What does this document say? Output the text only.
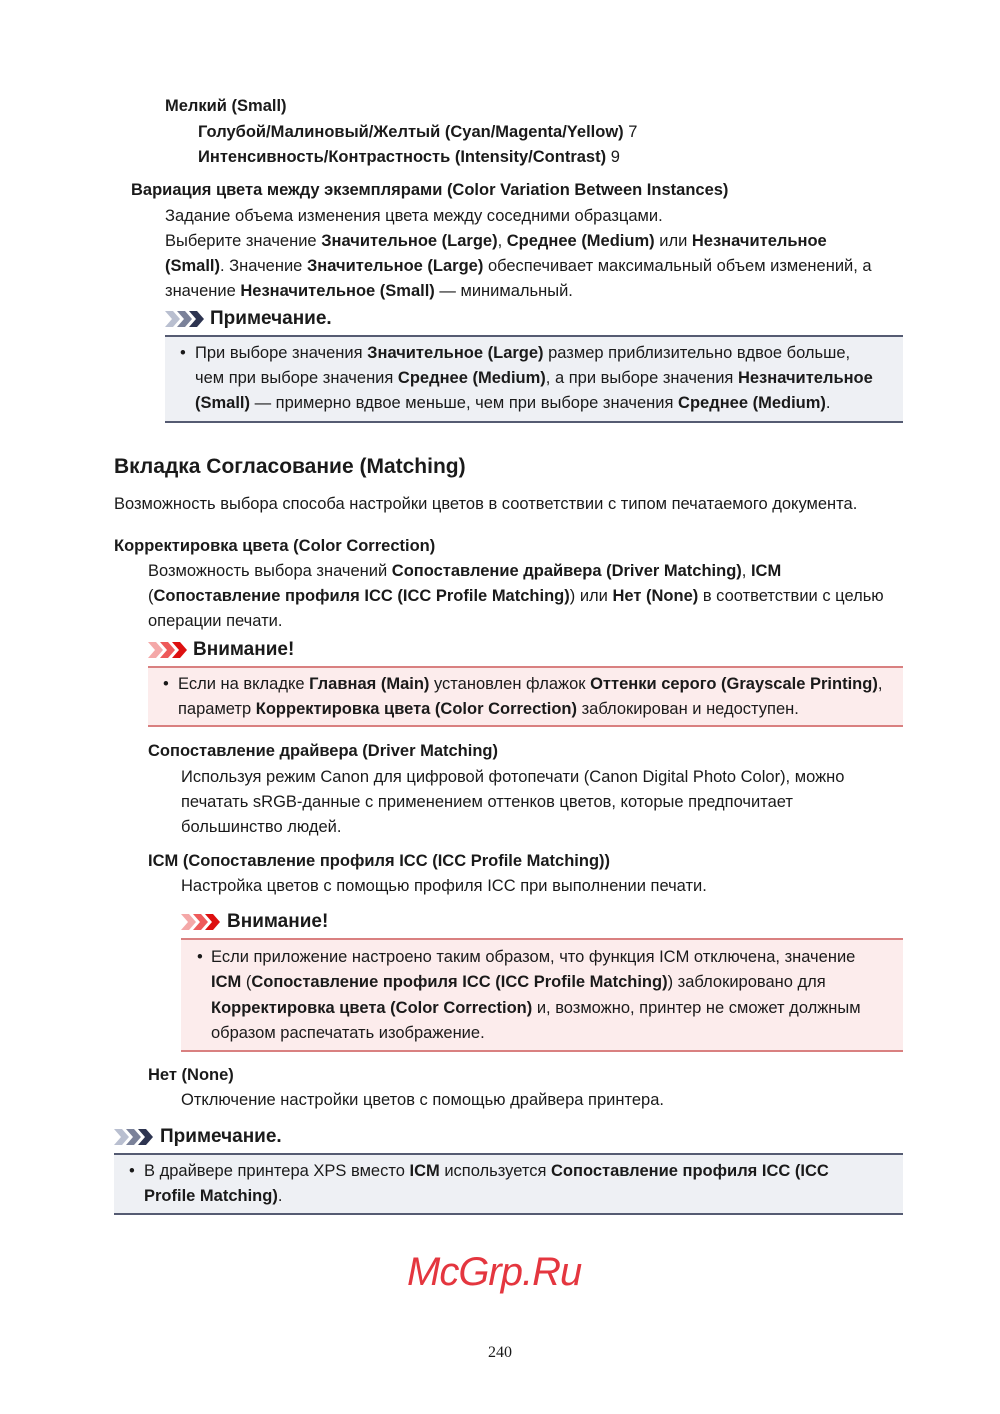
Мелкий (Small)
Голубой/Малиновый/Желтый (Cyan/Magenta/Yellow) 7
Интенсивность/Контрастность (Intensity/Contrast) 9
Вариация цвета между экземплярами (Color Variation Between Instances)
Задание объема изменения цвета между соседними образцами.
Выберите значение Значительное (Large), Среднее (Medium) или Незначительное
(Small). Значение Значительное (Large) обеспечивает максимальный объем изменений, а
значение Незначительное (Small) — минимальный.
Примечание.
• При выборе значения Значительное (Large) размер приблизительно вдвое больше,
чем при выборе значения Среднее (Medium), а при выборе значения Незначительное
(Small) — примерно вдвое меньше, чем при выборе значения Среднее (Medium).
Вкладка Согласование (Matching)
Возможность выбора способа настройки цветов в соответствии с типом печатаемого документа.
Корректировка цвета (Color Correction)
Возможность выбора значений Сопоставление драйвера (Driver Matching), ICM
(Сопоставление профиля ICC (ICC Profile Matching)) или Нет (None) в соответствии с целью
операции печати.
Внимание!
• Если на вкладке Главная (Main) установлен флажок Оттенки серого (Grayscale Printing),
параметр Корректировка цвета (Color Correction) заблокирован и недоступен.
Сопоставление драйвера (Driver Matching)
Используя режим Canon для цифровой фотопечати (Canon Digital Photo Color), можно
печатать sRGB-данные с применением оттенков цветов, которые предпочитает
большинство людей.
ICM (Сопоставление профиля ICC (ICC Profile Matching))
Настройка цветов с помощью профиля ICC при выполнении печати.
Внимание!
• Если приложение настроено таким образом, что функция ICM отключена, значение
ICM (Сопоставление профиля ICC (ICC Profile Matching)) заблокировано для
Корректировка цвета (Color Correction) и, возможно, принтер не сможет должным
образом распечатать изображение.
Нет (None)
Отключение настройки цветов с помощью драйвера принтера.
Примечание.
• В драйвере принтера XPS вместо ICM используется Сопоставление профиля ICC (ICC
Profile Matching).
McGrp.Ru
240
